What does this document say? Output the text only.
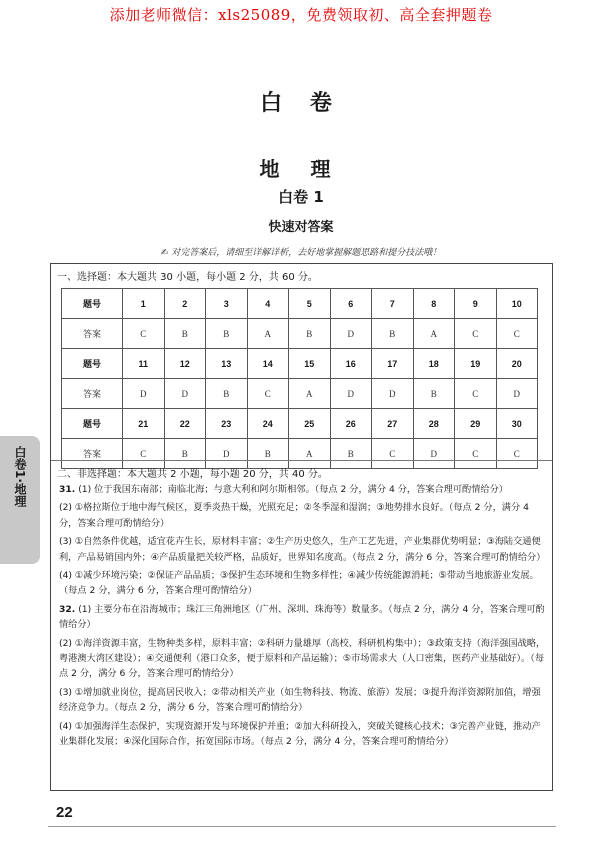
添加老师微信：xls25089，免费领取初、高全套押题卷
白 卷
地 理
白卷 1
快速对答案
✍ 对完答案后，请细至详解详析，去好地掌握解题思路和提分技法哦！
白卷1·地理
一、选择题：本大题共 30 小题，每小题 2 分，共 60 分。
题号	1	2	3	4	5	6	7	8	9	10
答案	C	B	B	A	B	D	B	A	C	C
题号	11	12	13	14	15	16	17	18	19	20
答案	D	D	B	C	A	D	D	B	C	D
题号	21	22	23	24	25	26	27	28	29	30
答案	C	B	D	B	A	B	C	D	C	C
二、非选择题：本大题共 2 小题，每小题 20 分，共 40 分。
31. (1) 位于我国东南部；南临北海；与意大利和阿尔斯相邻。（每点 2 分，满分 4 分，答案合理可酌情给分）
(2) ①格拉斯位于地中海气候区，夏季炎热干燥，光照充足；②冬季湿和湿润；③地势排水良好。（每点 2 分，满分 4 分，答案合理可酌情给分）
(3) ①自然条件优越，适宜花卉生长，原材料丰富；②生产历史悠久，生产工艺先进，产业集群优势明显；③海陆交通便利，产品易销国内外；④产品质量把关较严格，品质好，世界知名度高。（每点 2 分，满分 6 分，答案合理可酌情给分）
(4) ①减少环境污染；②保证产品品质；③保护生态环境和生物多样性；④减少传统能源消耗；⑤带动当地旅游业发展。（每点 2 分，满分 6 分，答案合理可酌情给分）
32. (1) 主要分布在沿海城市；珠江三角洲地区（广州、深圳、珠海等）数量多。（每点 2 分，满分 4 分，答案合理可酌情给分）
(2) ①海洋资源丰富，生物种类多样，原料丰富；②科研力量雄厚（高校、科研机构集中）；③政策支持（海洋强国战略，粤港澳大湾区建设）；④交通便利（港口众多，便于原料和产品运输）；⑤市场需求大（人口密集，医药产业基础好）。（每点 2 分，满分 6 分，答案合理可酌情给分）
(3) ①增加就业岗位，提高居民收入；②带动相关产业（如生物科技、物流、旅游）发展；③提升海洋资源附加值，增强经济竞争力。（每点 2 分，满分 6 分，答案合理可酌情给分）
(4) ①加强海洋生态保护，实现资源开发与环境保护并重；②加大科研投入，突破关键核心技术；③完善产业链，推动产业集群化发展；④深化国际合作，拓宽国际市场。（每点 2 分，满分 4 分，答案合理可酌情给分）
22
